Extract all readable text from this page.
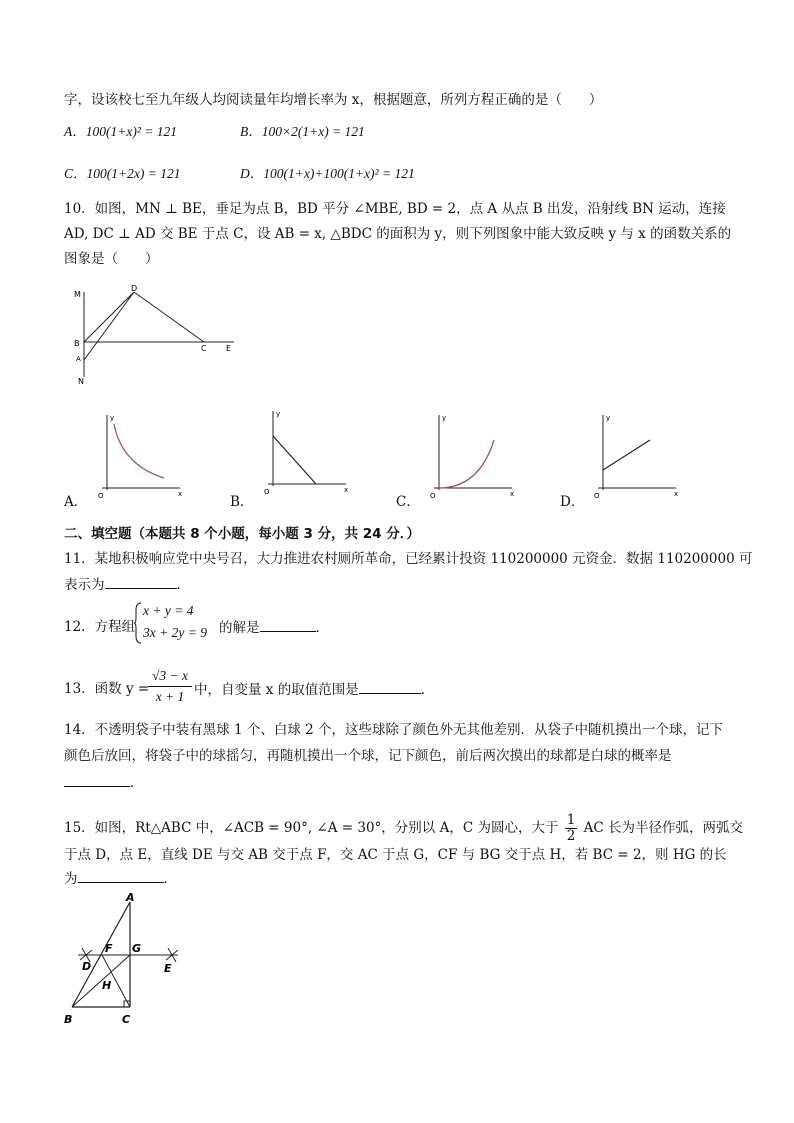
字，设该校七至九年级人均阅读量年均增长率为 x，根据题意，所列方程正确的是（　　）
A．100(1+x)² = 121	B．100×2(1+x) = 121
C．100(1+2x) = 121	D．100(1+x)+100(1+x)² = 121
10．如图，MN ⊥ BE，垂足为点 B，BD 平分 ∠MBE, BD = 2，点 A 从点 B 出发，沿射线 BN 运动，连接
AD, DC ⊥ AD 交 BE 于点 C，设 AB = x, △BDC 的面积为 y，则下列图象中能大致反映 y 与 x 的函数关系的
图象是（　　）
M
D
B
A
N
C E
y
O	x
y
O	x
y
O	x
y
O	x
A．	B．	C．	D．
二、填空题（本题共 8 个小题，每小题 3 分，共 24 分．）
11．某地积极响应党中央号召，大力推进农村厕所革命，已经累计投资 110200000 元资金．数据 110200000 可
表示为	．
12．方程组
x + y = 4
3x + 2y = 9 的解是	．
13．函数 y =
√3 − x
x + 1 中，自变量 x 的取值范围是	．
14．不透明袋子中装有黑球 1 个、白球 2 个，这些球除了颜色外无其他差别．从袋子中随机摸出一个球，记下
颜色后放回，将袋子中的球摇匀，再随机摸出一个球，记下颜色，前后两次摸出的球都是白球的概率是
．
15．如图，Rt△ABC 中，∠ACB = 90°, ∠A = 30°，分别以 A，C 为圆心，大于 $\frac{1}{2}$ AC 长为半径作弧，两弧交
于点 D，点 E，直线 DE 与交 AB 交于点 F，交 AC 于点 G，CF 与 BG 交于点 H，若 BC = 2，则 HG 的长
为	．
A
B	C
D	E
F G
H
